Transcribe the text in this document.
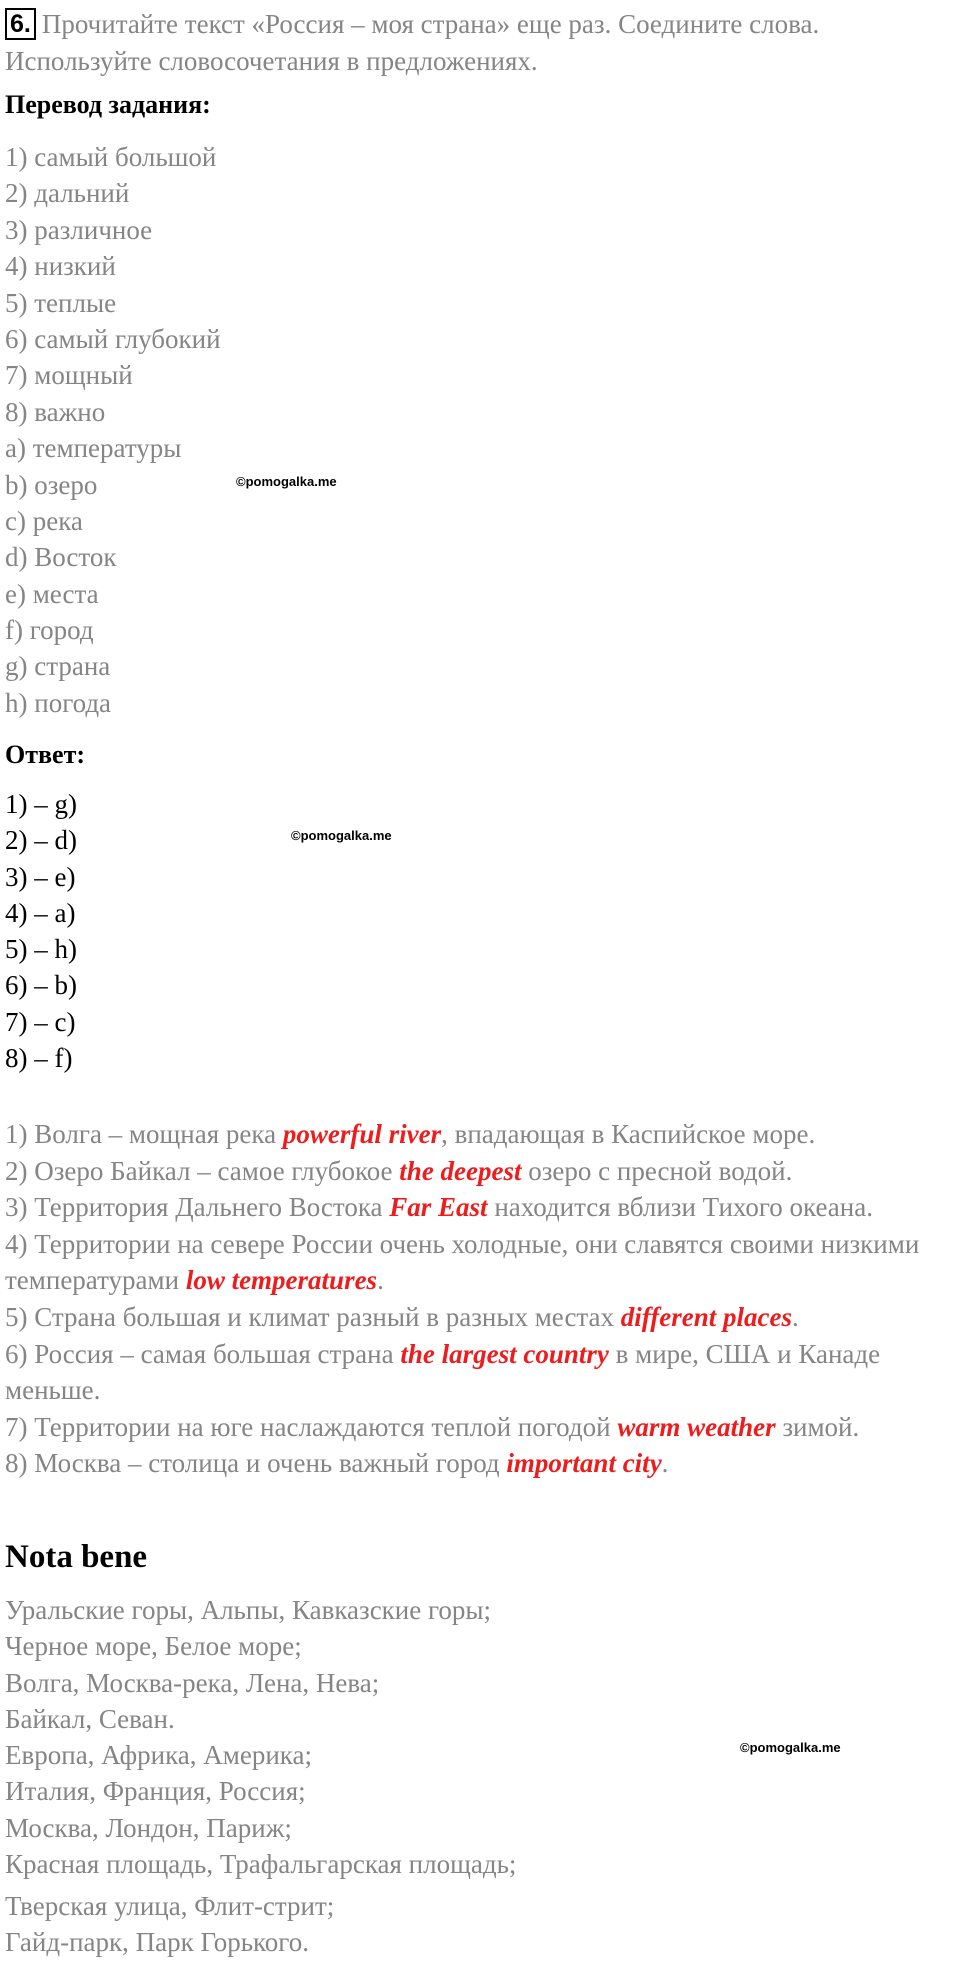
6. Прочитайте текст «Россия – моя страна» еще раз. Соедините слова. Используйте словосочетания в предложениях.
Перевод задания:
1) самый большой
2) дальний
3) различное
4) низкий
5) теплые
6) самый глубокий
7) мощный
8) важно
a) температуры
b) озеро
c) река
d) Восток
e) места
f) город
g) страна
h) погода
Ответ:
1) – g)
2) – d)
3) – e)
4) – a)
5) – h)
6) – b)
7) – c)
8) – f)
1) Волга – мощная река powerful river, впадающая в Каспийское море.
2) Озеро Байкал – самое глубокое the deepest озеро с пресной водой.
3) Территория Дальнего Востока Far East находится вблизи Тихого океана.
4) Территории на севере России очень холодные, они славятся своими низкими температурами low temperatures.
5) Страна большая и климат разный в разных местах different places.
6) Россия – самая большая страна the largest country в мире, США и Канаде меньше.
7) Территории на юге наслаждаются теплой погодой warm weather зимой.
8) Москва – столица и очень важный город important city.
Nota bene
Уральские горы, Альпы, Кавказские горы;
Черное море, Белое море;
Волга, Москва-река, Лена, Нева;
Байкал, Севан.
Европа, Африка, Америка;
Италия, Франция, Россия;
Москва, Лондон, Париж;
Красная площадь, Трафальгарская площадь;
Тверская улица, Флит-стрит;
Гайд-парк, Парк Горького.
©pomogalka.me
©pomogalka.me
©pomogalka.me
